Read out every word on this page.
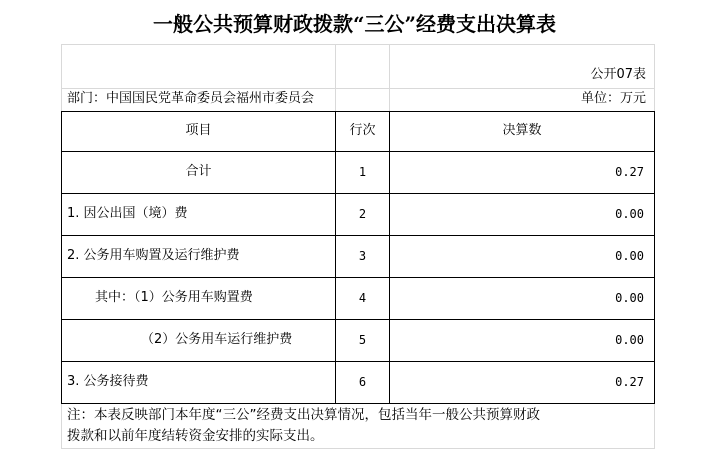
一般公共预算财政拨款“三公”经费支出决算表
公开07表
部门：中国国民党革命委员会福州市委员会	单位：万元
项目	行次	决算数
合计	1	0.27
1. 因公出国（境）费	2	0.00
2. 公务用车购置及运行维护费	3	0.00
其中：（1）公务用车购置费	4	0.00
（2）公务用车运行维护费	5	0.00
3. 公务接待费	6	0.27
注：本表反映部门本年度“三公”经费支出决算情况，包括当年一般公共预算财政
拨款和以前年度结转资金安排的实际支出。
